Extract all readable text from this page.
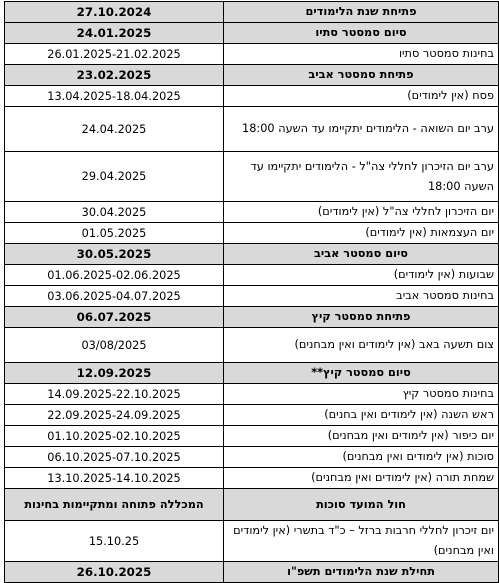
פתיחת שנת הלימודים	27.10.2024
סיום סמסטר סתיו	24.01.2025
בחינות סמסטר סתיו	26.01.2025-21.02.2025
פתיחת סמסטר אביב	23.02.2025
פסח (אין לימודים)	13.04.2025-18.04.2025
ערב יום השואה - הלימודים יתקיימו עד השעה 18:00	24.04.2025
ערב יום הזיכרון לחללי צה"ל - הלימודים יתקיימו עד השעה 18:00	29.04.2025
יום הזיכרון לחללי צה"ל (אין לימודים)	30.04.2025
יום העצמאות (אין לימודים)	01.05.2025
סיום סמסטר אביב	30.05.2025
שבועות (אין לימודים)	01.06.2025-02.06.2025
בחינות סמסטר אביב	03.06.2025-04.07.2025
פתיחת סמסטר קיץ	06.07.2025
צום תשעה באב (אין לימודים ואין מבחנים)	03/08/2025
סיום סמסטר קיץ**	12.09.2025
בחינות סמסטר קיץ	14.09.2025-22.10.2025
ראש השנה (אין לימודים ואין בחנים)	22.09.2025-24.09.2025
יום כיפור (אין לימודים ואין מבחנים)	01.10.2025-02.10.2025
סוכות (אין לימודים ואין מבחנים)	06.10.2025-07.10.2025
שמחת תורה (אין לימודים ואין מבחנים)	13.10.2025-14.10.2025
חול המועד סוכות	המכללה פתוחה ומתקיימות בחינות
יום זיכרון לחללי חרבות ברזל – כ"ד בתשרי (אין לימודים ואין מבחנים)	15.10.25
תחילת שנת הלימודים תשפ"ו	26.10.2025
